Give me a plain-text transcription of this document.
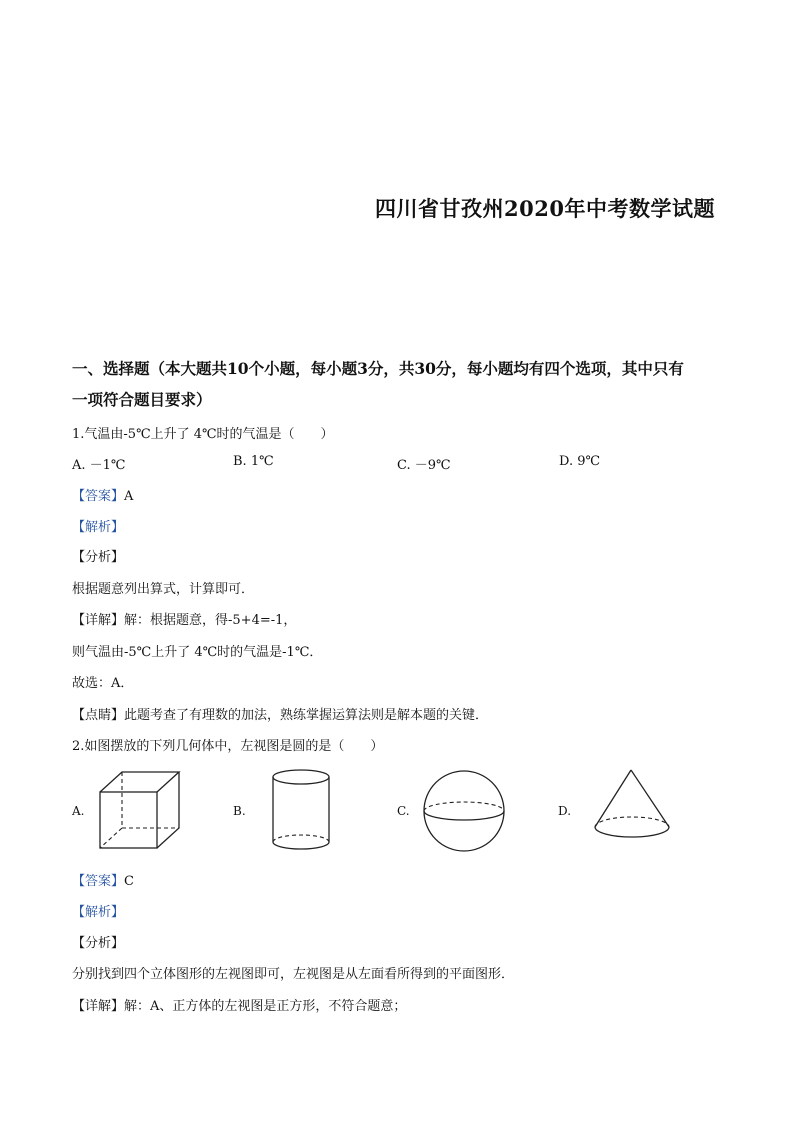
四川省甘孜州2020年中考数学试题
一、选择题（本大题共10个小题，每小题3分，共30分，每小题均有四个选项，其中只有
一项符合题目要求）
1.气温由-5℃上升了 4℃时的气温是（　　）
A. －1℃	B. 1℃	C. －9℃	D. 9℃
【答案】A
【解析】
【分析】
根据题意列出算式，计算即可．
【详解】解：根据题意，得-5+4=-1，
则气温由-5℃上升了 4℃时的气温是-1℃．
故选：A．
【点睛】此题考查了有理数的加法，熟练掌握运算法则是解本题的关键．
2.如图摆放的下列几何体中，左视图是圆的是（　　）
A.	B.	C.	D.
【答案】C
【解析】
【分析】
分别找到四个立体图形的左视图即可，左视图是从左面看所得到的平面图形．
【详解】解：A、正方体的左视图是正方形，不符合题意；
